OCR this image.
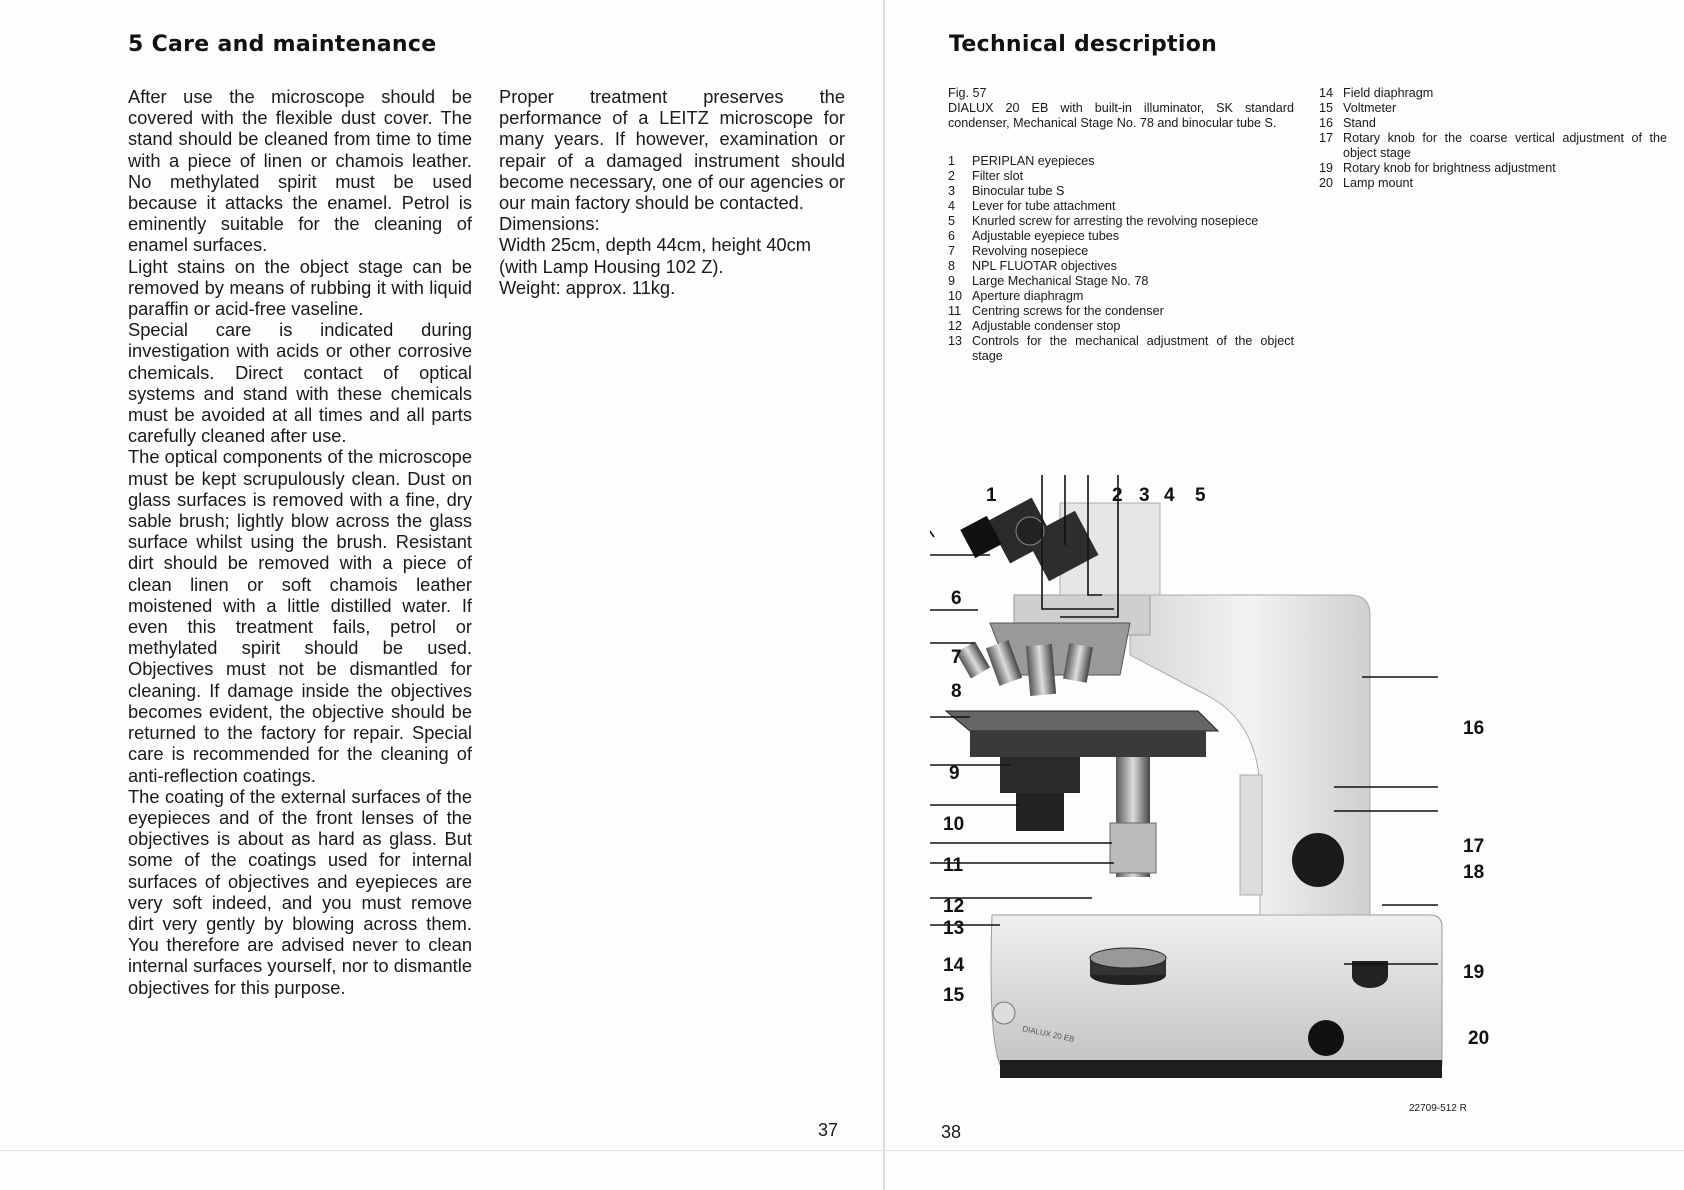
5 Care and maintenance

After use the microscope should be covered with the flexible dust cover. The stand should be cleaned from time to time with a piece of linen or chamois leather. No methylated spirit must be used because it attacks the enamel. Petrol is eminently suitable for the cleaning of enamel surfaces.

Light stains on the object stage can be removed by means of rubbing it with liquid paraffin or acid-free vaseline.

Special care is indicated during investigation with acids or other corrosive chemicals. Direct contact of optical systems and stand with these chemicals must be avoided at all times and all parts carefully cleaned after use.

The optical components of the microscope must be kept scrupulously clean. Dust on glass surfaces is removed with a fine, dry sable brush; lightly blow across the glass surface whilst using the brush. Resistant dirt should be removed with a piece of clean linen or soft chamois leather moistened with a little distilled water. If even this treatment fails, petrol or methylated spirit should be used. Objectives must not be dismantled for cleaning. If damage inside the objectives becomes evident, the objective should be returned to the factory for repair. Special care is recommended for the cleaning of anti-reflection coatings.

The coating of the external surfaces of the eyepieces and of the front lenses of the objectives is about as hard as glass. But some of the coatings used for internal surfaces of objectives and eyepieces are very soft indeed, and you must remove dirt very gently by blowing across them. You therefore are advised never to clean internal surfaces yourself, nor to dismantle objectives for this purpose.

Proper treatment preserves the performance of a LEITZ microscope for many years. If however, examination or repair of a damaged instrument should become necessary, one of our agencies or our main factory should be contacted.

Dimensions:

Width 25cm, depth 44cm, height 40cm (with Lamp Housing 102 Z).

Weight: approx. 11kg.

37
Technical description

Fig. 57

DIALUX 20 EB with built-in illuminator, SK standard condenser, Mechanical Stage No. 78 and binocular tube S.

1	PERIPLAN eyepieces
2	Filter slot
3	Binocular tube S
4	Lever for tube attachment
5	Knurled screw for arresting the revolving nosepiece
6	Adjustable eyepiece tubes
7	Revolving nosepiece
8	NPL FLUOTAR objectives
9	Large Mechanical Stage No. 78
10 Aperture diaphragm
11 Centring screws for the condenser
12 Adjustable condenser stop
13 Controls for the mechanical adjustment of the object stage
14 Field diaphragm
15 Voltmeter
16 Stand
17 Rotary knob for the coarse vertical adjustment of the object stage
19 Rotary knob for brightness adjustment
20 Lamp mount
DIALUX 20 EB
1	2 3 4 5
6
7
8
9
10
11
12
13
14
15
16
17
18
19
20
22709-512 R
38
